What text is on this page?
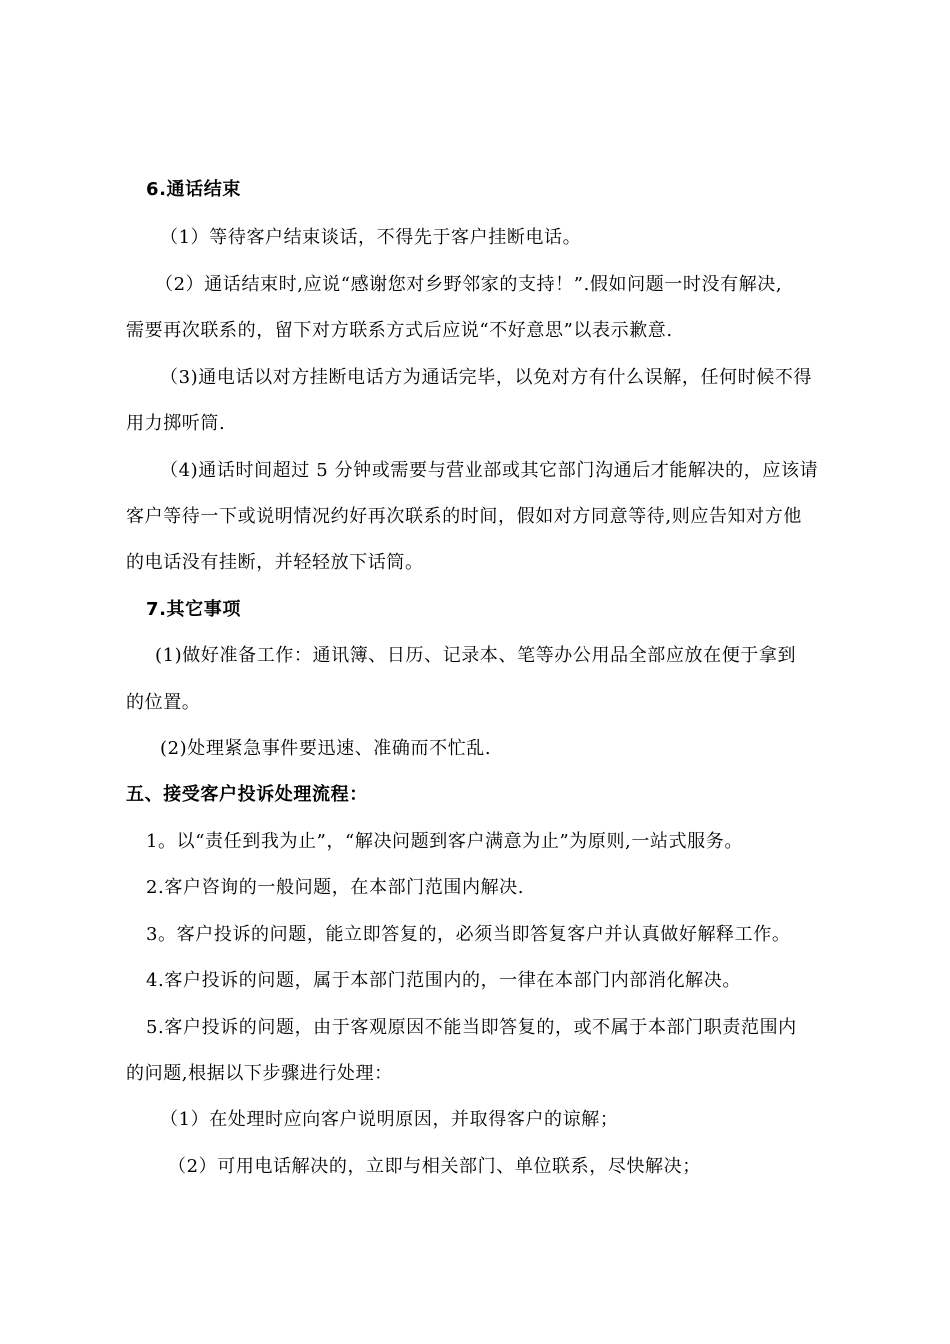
6.通话结束
（1）等待客户结束谈话，不得先于客户挂断电话。
（2）通话结束时,应说“感谢您对乡野邻家的支持！”.假如问题一时没有解决,
需要再次联系的，留下对方联系方式后应说“不好意思”以表示歉意.
（3)通电话以对方挂断电话方为通话完毕，以免对方有什么误解，任何时候不得
用力掷听筒.
（4)通话时间超过 5 分钟或需要与营业部或其它部门沟通后才能解决的，应该请
客户等待一下或说明情况约好再次联系的时间，假如对方同意等待,则应告知对方他
的电话没有挂断，并轻轻放下话筒。
7.其它事项
(1)做好准备工作：通讯簿、日历、记录本、笔等办公用品全部应放在便于拿到
的位置。
(2)处理紧急事件要迅速、准确而不忙乱.
五、接受客户投诉处理流程：
1。以“责任到我为止”，“解决问题到客户满意为止”为原则,一站式服务。
2.客户咨询的一般问题，在本部门范围内解决.
3。客户投诉的问题，能立即答复的，必须当即答复客户并认真做好解释工作。
4.客户投诉的问题，属于本部门范围内的，一律在本部门内部消化解决。
5.客户投诉的问题，由于客观原因不能当即答复的，或不属于本部门职责范围内
的问题,根据以下步骤进行处理：
（1）在处理时应向客户说明原因，并取得客户的谅解；
（2）可用电话解决的，立即与相关部门、单位联系，尽快解决；
